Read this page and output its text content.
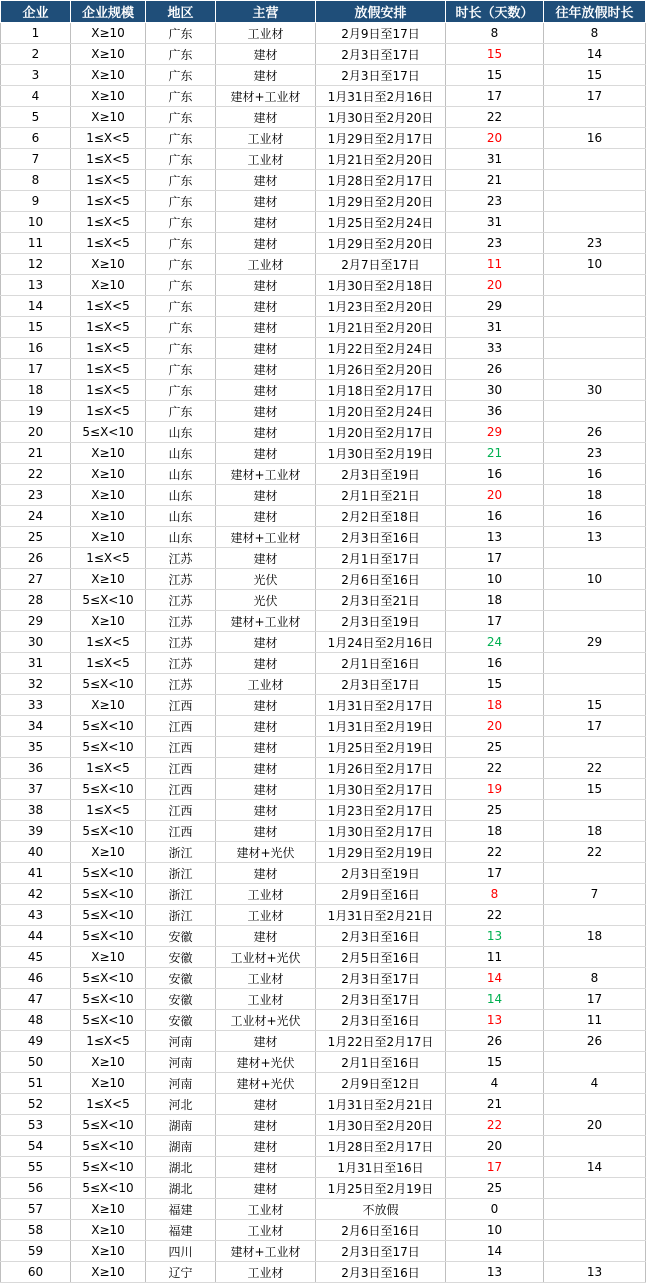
企业	企业规模	地区	主营	放假安排	时长（天数）	往年放假时长
1	X≥10	广东	工业材	2月9日至17日	8	8
2	X≥10	广东	建材	2月3日至17日	15	14
3	X≥10	广东	建材	2月3日至17日	15	15
4	X≥10	广东	建材+工业材	1月31日至2月16日	17	17
5	X≥10	广东	建材	1月30日至2月20日	22	
6	1≤X<5	广东	工业材	1月29日至2月17日	20	16
7	1≤X<5	广东	工业材	1月21日至2月20日	31	
8	1≤X<5	广东	建材	1月28日至2月17日	21	
9	1≤X<5	广东	建材	1月29日至2月20日	23	
10	1≤X<5	广东	建材	1月25日至2月24日	31	
11	1≤X<5	广东	建材	1月29日至2月20日	23	23
12	X≥10	广东	工业材	2月7日至17日	11	10
13	X≥10	广东	建材	1月30日至2月18日	20	
14	1≤X<5	广东	建材	1月23日至2月20日	29	
15	1≤X<5	广东	建材	1月21日至2月20日	31	
16	1≤X<5	广东	建材	1月22日至2月24日	33	
17	1≤X<5	广东	建材	1月26日至2月20日	26	
18	1≤X<5	广东	建材	1月18日至2月17日	30	30
19	1≤X<5	广东	建材	1月20日至2月24日	36	
20	5≤X<10	山东	建材	1月20日至2月17日	29	26
21	X≥10	山东	建材	1月30日至2月19日	21	23
22	X≥10	山东	建材+工业材	2月3日至19日	16	16
23	X≥10	山东	建材	2月1日至21日	20	18
24	X≥10	山东	建材	2月2日至18日	16	16
25	X≥10	山东	建材+工业材	2月3日至16日	13	13
26	1≤X<5	江苏	建材	2月1日至17日	17	
27	X≥10	江苏	光伏	2月6日至16日	10	10
28	5≤X<10	江苏	光伏	2月3日至21日	18	
29	X≥10	江苏	建材+工业材	2月3日至19日	17	
30	1≤X<5	江苏	建材	1月24日至2月16日	24	29
31	1≤X<5	江苏	建材	2月1日至16日	16	
32	5≤X<10	江苏	工业材	2月3日至17日	15	
33	X≥10	江西	建材	1月31日至2月17日	18	15
34	5≤X<10	江西	建材	1月31日至2月19日	20	17
35	5≤X<10	江西	建材	1月25日至2月19日	25	
36	1≤X<5	江西	建材	1月26日至2月17日	22	22
37	5≤X<10	江西	建材	1月30日至2月17日	19	15
38	1≤X<5	江西	建材	1月23日至2月17日	25	
39	5≤X<10	江西	建材	1月30日至2月17日	18	18
40	X≥10	浙江	建材+光伏	1月29日至2月19日	22	22
41	5≤X<10	浙江	建材	2月3日至19日	17	
42	5≤X<10	浙江	工业材	2月9日至16日	8	7
43	5≤X<10	浙江	工业材	1月31日至2月21日	22	
44	5≤X<10	安徽	建材	2月3日至16日	13	18
45	X≥10	安徽	工业材+光伏	2月5日至16日	11	
46	5≤X<10	安徽	工业材	2月3日至17日	14	8
47	5≤X<10	安徽	工业材	2月3日至17日	14	17
48	5≤X<10	安徽	工业材+光伏	2月3日至16日	13	11
49	1≤X<5	河南	建材	1月22日至2月17日	26	26
50	X≥10	河南	建材+光伏	2月1日至16日	15	
51	X≥10	河南	建材+光伏	2月9日至12日	4	4
52	1≤X<5	河北	建材	1月31日至2月21日	21	
53	5≤X<10	湖南	建材	1月30日至2月20日	22	20
54	5≤X<10	湖南	建材	1月28日至2月17日	20	
55	5≤X<10	湖北	建材	1月31日至16日	17	14
56	5≤X<10	湖北	建材	1月25日至2月19日	25	
57	X≥10	福建	工业材	不放假	0	
58	X≥10	福建	工业材	2月6日至16日	10	
59	X≥10	四川	建材+工业材	2月3日至17日	14	
60	X≥10	辽宁	工业材	2月3日至16日	13	13
